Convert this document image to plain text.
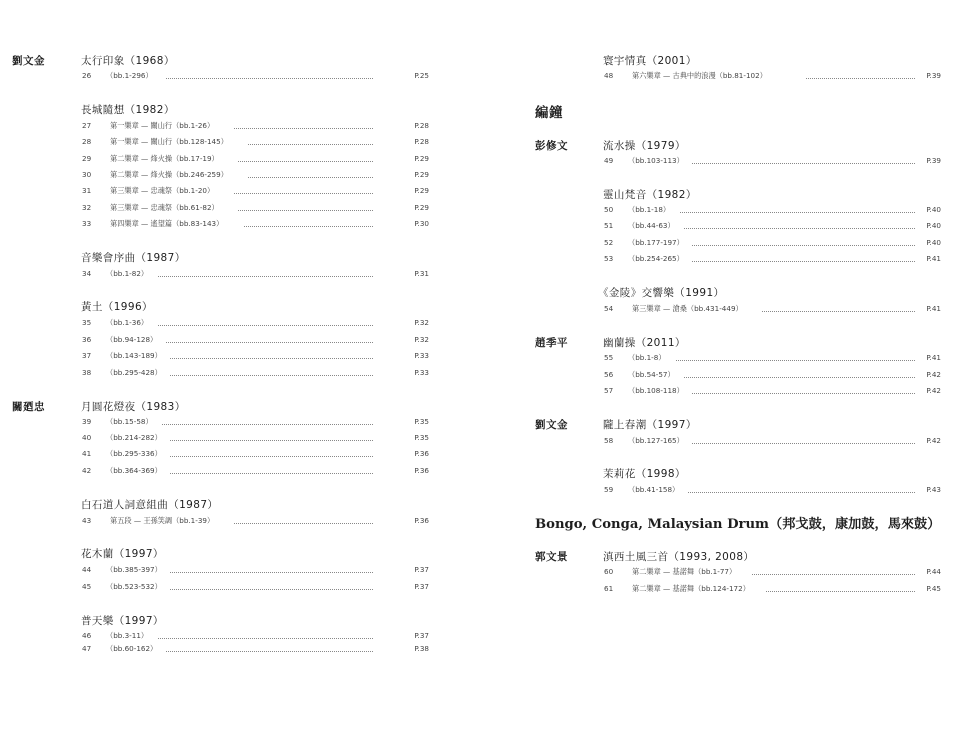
劉文金	太行印象（1968）
26 （bb.1-296）	P.25
長城隨想（1982）
27	第一樂章 — 關山行（bb.1-26）	P.28
28	第一樂章 — 關山行（bb.128-145）	P.28
29	第二樂章 — 烽火操（bb.17-19）	P.29
30	第二樂章 — 烽火操（bb.246-259）	P.29
31	第三樂章 — 忠魂祭（bb.1-20）	P.29
32	第三樂章 — 忠魂祭（bb.61-82）	P.29
33	第四樂章 — 遙望篇（bb.83-143）	P.30
音樂會序曲（1987）
34 （bb.1-82）	P.31
黃土（1996）
35 （bb.1-36）	P.32
36 （bb.94-128）	P.32
37 （bb.143-189）	P.33
38 （bb.295-428）	P.33
關廼忠	月圓花燈夜（1983）
39 （bb.15-58）	P.35
40 （bb.214-282）	P.35
41 （bb.295-336）	P.36
42 （bb.364-369）	P.36
白石道人詞意組曲（1987）
43	第五段 — 王孫笑調（bb.1-39）	P.36
花木蘭（1997）
44 （bb.385-397）	P.37
45 （bb.523-532）	P.37
普天樂（1997）
46 （bb.3-11）	P.37
47 （bb.60-162）	P.38
寰宇情真（2001）
48	第六樂章 — 古典中的浪漫（bb.81-102）	P.39
編鐘
彭修文	流水操（1979）
49 （bb.103-113）	P.39
靈山梵音（1982）
50 （bb.1-18）	P.40
51 （bb.44-63）	P.40
52 （bb.177-197）	P.40
53 （bb.254-265）	P.41
《金陵》交響樂（1991）
54	第三樂章 — 滄桑（bb.431-449）	P.41
趙季平	幽蘭操（2011）
55 （bb.1-8）	P.41
56 （bb.54-57）	P.42
57 （bb.108-118）	P.42
劉文金	隴上春潮（1997）
58 （bb.127-165）	P.42
茉莉花（1998）
59 （bb.41-158）	P.43
Bongo, Conga, Malaysian Drum（邦戈鼓，康加鼓，馬來鼓）
郭文景	滇西土風三首（1993, 2008）
60	第二樂章 — 基諾舞（bb.1-77）	P.44
61	第二樂章 — 基諾舞（bb.124-172）	P.45
